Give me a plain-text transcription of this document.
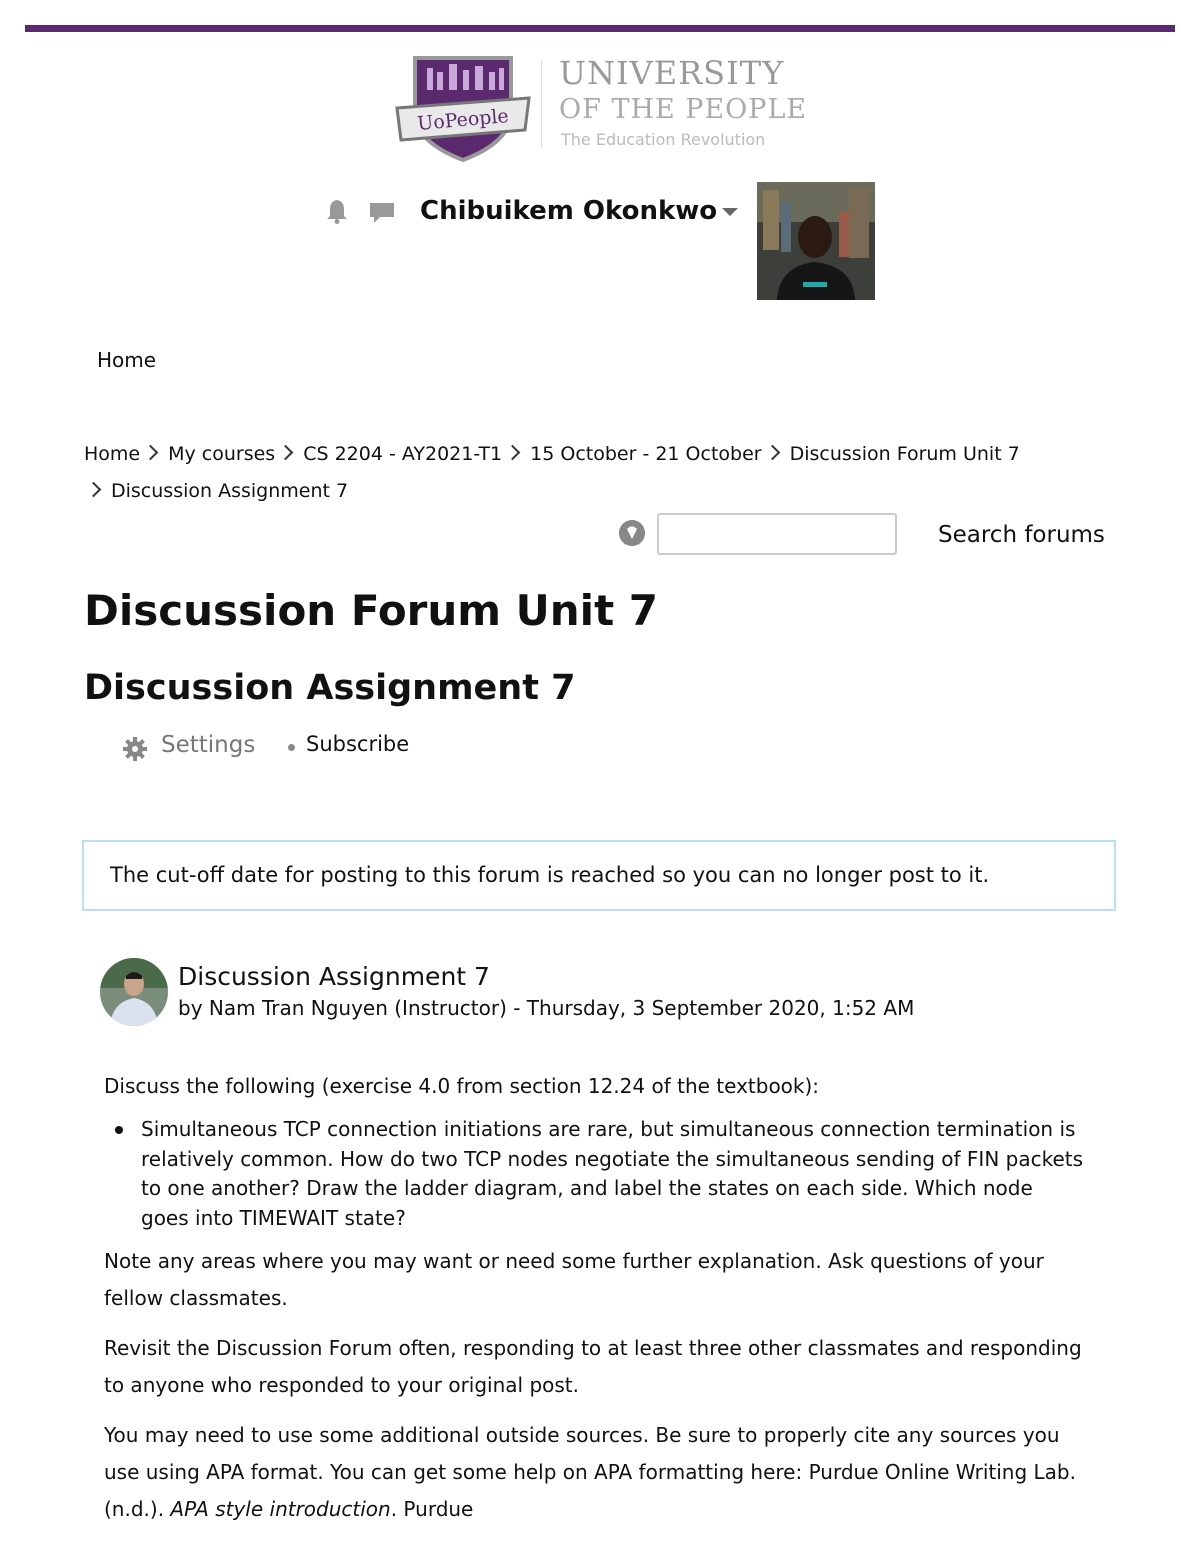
UoPeople
UNIVERSITY
OF THE PEOPLE
The Education Revolution
Chibuikem Okonkwo
Home
Home My courses CS 2204 - AY2021-T1 15 October - 21 October Discussion Forum Unit 7
Discussion Assignment 7
Search forums
Discussion Forum Unit 7
Discussion Assignment 7
Settings Subscribe
The cut-off date for posting to this forum is reached so you can no longer post to it.
Discussion Assignment 7
by Nam Tran Nguyen (Instructor) - Thursday, 3 September 2020, 1:52 AM

Discuss the following (exercise 4.0 from section 12.24 of the textbook):

Simultaneous TCP connection initiations are rare, but simultaneous connection termination is relatively common. How do two TCP nodes negotiate the simultaneous sending of FIN packets to one another? Draw the ladder diagram, and label the states on each side. Which node goes into TIMEWAIT state?

Note any areas where you may want or need some further explanation. Ask questions of your fellow classmates.

Revisit the Discussion Forum often, responding to at least three other classmates and responding to anyone who responded to your original post.

You may need to use some additional outside sources. Be sure to properly cite any sources you use using APA format. You can get some help on APA formatting here: Purdue Online Writing Lab. (n.d.). APA style introduction. Purdue
